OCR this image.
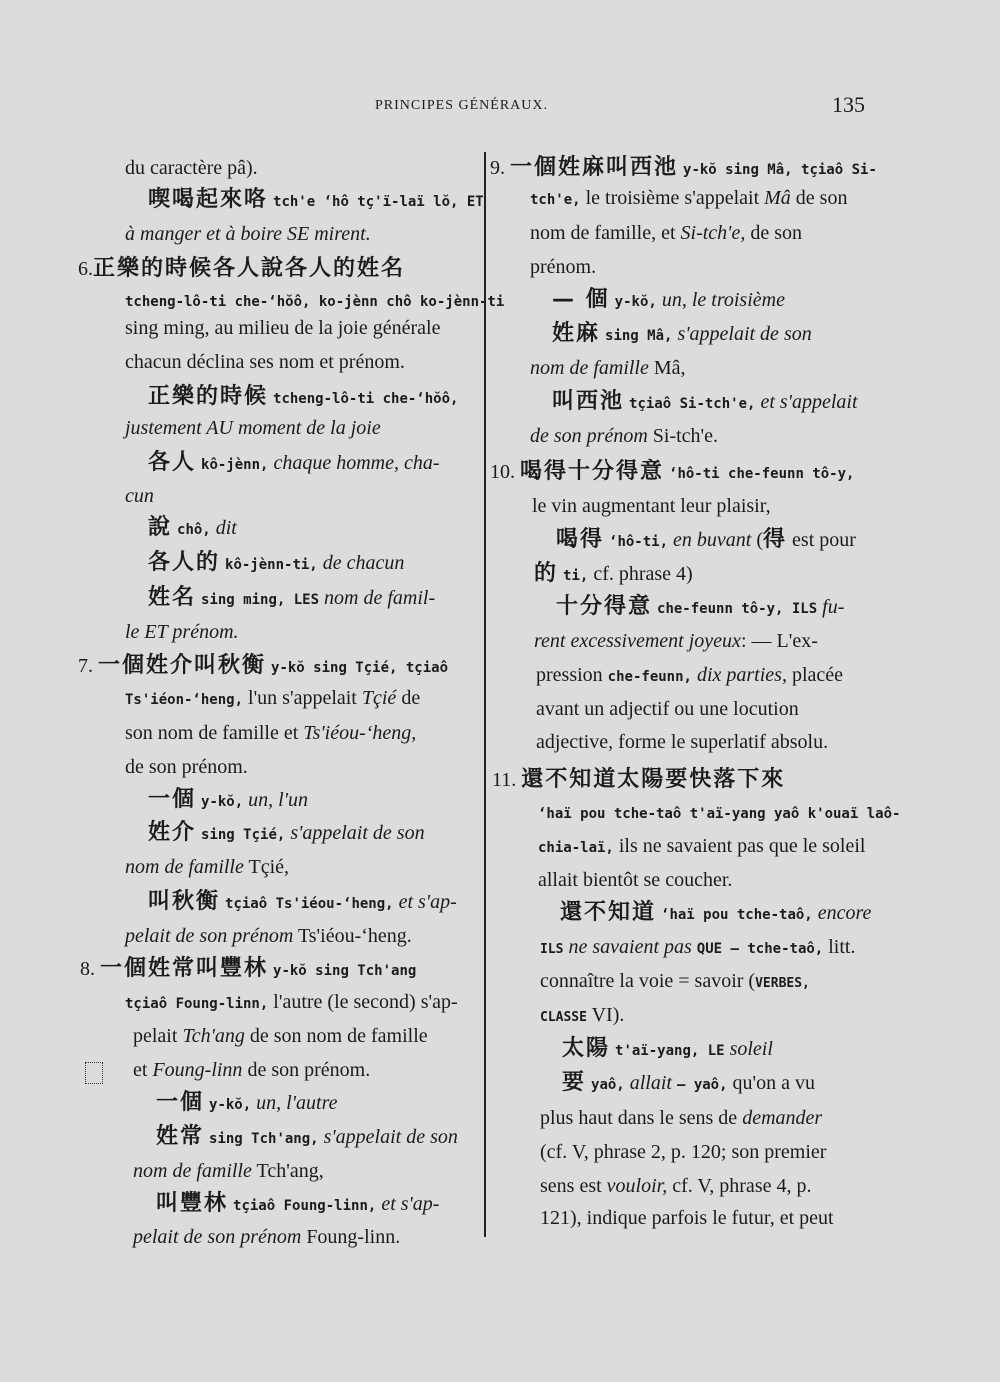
PRINCIPES GÉNÉRAUX.	135
du caractère pâ).
喫喝起來咯 tch'e ʻhô tç'ï-laï lŏ, ET
à manger et à boire SE mirent.
6.正樂的時候各人說各人的姓名
tcheng-lô-ti che-ʻhŏô, ko-jènn chô ko-jènn-ti
sing ming, au milieu de la joie générale
chacun déclina ses nom et prénom.
正樂的時候 tcheng-lô-ti che-ʻhŏô,
justement AU moment de la joie
各人 kô-jènn, chaque homme, cha-
cun
說 chô, dit
各人的 kô-jènn-ti, de chacun
姓名 sing ming, LES nom de famil-
le ET prénom.
7. 一個姓介叫秋衡 y-kŏ sing Tçié, tçiaô
Ts'iéon-ʻheng, l'un s'appelait Tçié de
son nom de famille et Ts'iéou-ʻheng,
de son prénom.
一個 y-kŏ, un, l'un
姓介 sing Tçié, s'appelait de son
nom de famille Tçié,
叫秋衡 tçiaô Ts'iéou-ʻheng, et s'ap-
pelait de son prénom Ts'iéou-ʻheng.
8. 一個姓常叫豐林 y-kŏ sing Tch'ang
tçiaô Foung-linn, l'autre (le second) s'ap-
pelait Tch'ang de son nom de famille
et Foung-linn de son prénom.
一個 y-kŏ, un, l'autre
姓常 sing Tch'ang, s'appelait de son
nom de famille Tch'ang,
叫豐林 tçiaô Foung-linn, et s'ap-
pelait de son prénom Foung-linn.
9. 一個姓麻叫西池 y-kŏ sing Mâ, tçiaô Si-
tch'e, le troisième s'appelait Mâ de son
nom de famille, et Si-tch'e, de son
prénom.
— 個 y-kŏ, un, le troisième
姓麻 sing Mâ, s'appelait de son
nom de famille Mâ,
叫西池 tçiaô Si-tch'e, et s'appelait
de son prénom Si-tch'e.
10. 喝得十分得意 ʻhô-ti che-feunn tô-y,
le vin augmentant leur plaisir,
喝得 ʻhô-ti, en buvant (得 est pour
的 ti, cf. phrase 4)
十分得意 che-feunn tô-y, ILS fu-
rent excessivement joyeux: — L'ex-
pression che-feunn, dix parties, placée
avant un adjectif ou une locution
adjective, forme le superlatif absolu.
11. 還不知道太陽要快落下來
ʻhaï pou tche-taô t'aï-yang yaô k'ouaï laô-
chia-laï, ils ne savaient pas que le soleil
allait bientôt se coucher.
還不知道 ʻhaï pou tche-taô, encore
ILS ne savaient pas QUE — tche-taô, litt.
connaître la voie = savoir (VERBES,
CLASSE VI).
太陽 t'aï-yang, LE soleil
要 yaô, allait — yaô, qu'on a vu
plus haut dans le sens de demander
(cf. V, phrase 2, p. 120; son premier
sens est vouloir, cf. V, phrase 4, p.
121), indique parfois le futur, et peut
